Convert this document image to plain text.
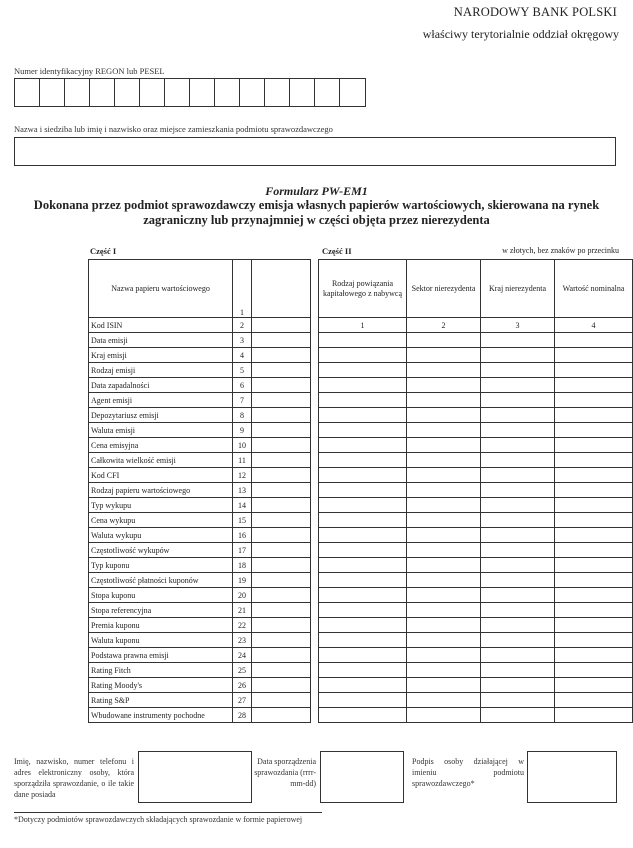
NARODOWY BANK POLSKI
właściwy terytorialnie oddział okręgowy
Numer identyfikacyjny REGON lub PESEL
Nazwa i siedziba lub imię i nazwisko oraz miejsce zamieszkania podmiotu sprawozdawczego
Formularz PW-EM1
Dokonana przez podmiot sprawozdawczy emisja własnych papierów wartościowych, skierowana na rynek
zagraniczny lub przynajmniej w części objęta przez nierezydenta
Część I	Część II	w złotych, bez znaków po przecinku
Nazwa papieru wartościowego	1	
Kod ISIN	2	
Data emisji	3	
Kraj emisji	4	
Rodzaj emisji	5	
Data zapadalności	6	
Agent emisji	7	
Depozytariusz emisji	8	
Waluta emisji	9	
Cena emisyjna	10	
Całkowita wielkość emisji	11	
Kod CFI	12	
Rodzaj papieru wartościowego	13	
Typ wykupu	14	
Cena wykupu	15	
Waluta wykupu	16	
Częstotliwość wykupów	17	
Typ kuponu	18	
Częstotliwość płatności kuponów	19	
Stopa kuponu	20	
Stopa referencyjna	21	
Premia kuponu	22	
Waluta kuponu	23	
Podstawa prawna emisji	24	
Rating Fitch	25	
Rating Moody's	26	
Rating S&P	27	
Wbudowane instrumenty pochodne	28	
Rodzaj powiązania kapitałowego z nabywcą	Sektor nierezydenta	Kraj nierezydenta	Wartość nominalna
1	2	3	4

Imię, nazwisko, numer telefonu i adres elektroniczny osoby, która sporządziła sprawozdanie, o ile takie dane posiada
Data sporządzenia sprawozdania (rrrr-mm-dd)
Podpis osoby działającej w imieniu podmiotu sprawozdawczego*
*Dotyczy podmiotów sprawozdawczych składających sprawozdanie w formie papierowej
